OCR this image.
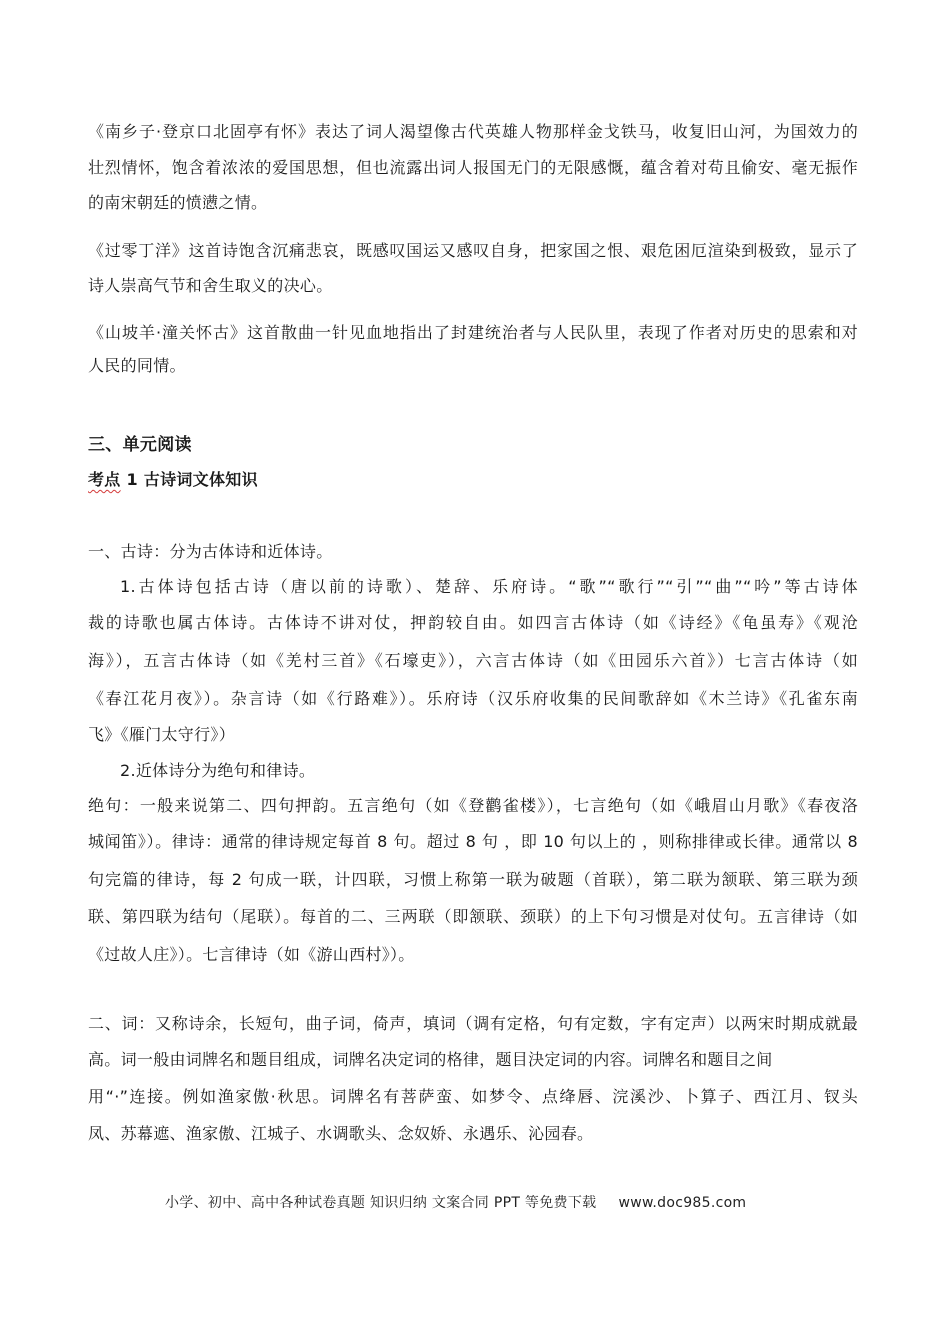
《南乡子·登京口北固亭有怀》表达了词人渴望像古代英雄人物那样金戈铁马，收复旧山河，为国效力的
壮烈情怀，饱含着浓浓的爱国思想，但也流露出词人报国无门的无限感慨，蕴含着对苟且偷安、毫无振作
的南宋朝廷的愤懑之情。
《过零丁洋》这首诗饱含沉痛悲哀，既感叹国运又感叹自身，把家国之恨、艰危困厄渲染到极致，显示了
诗人崇高气节和舍生取义的决心。
《山坡羊·潼关怀古》这首散曲一针见血地指出了封建统治者与人民队里，表现了作者对历史的思索和对
人民的同情。
三、单元阅读
考点 1 古诗词文体知识
一、古诗：分为古体诗和近体诗。
1.古体诗包括古诗（唐以前的诗歌）、楚辞、乐府诗。“歌”“歌行”“引”“曲”“吟”等古诗体
裁的诗歌也属古体诗。古体诗不讲对仗，押韵较自由。如四言古体诗（如《诗经》《龟虽寿》《观沧
海》），五言古体诗（如《羌村三首》《石壕吏》），六言古体诗（如《田园乐六首》）七言古体诗（如
《春江花月夜》）。杂言诗（如《行路难》）。乐府诗（汉乐府收集的民间歌辞如《木兰诗》《孔雀东南
飞》《雁门太守行》）
2.近体诗分为绝句和律诗。
绝句：一般来说第二、四句押韵。五言绝句（如《登鹳雀楼》），七言绝句（如《峨眉山月歌》《春夜洛
城闻笛》）。律诗：通常的律诗规定每首 8 句。超过 8 句 ，即 10 句以上的 ，则称排律或长律。通常以 8
句完篇的律诗，每 2 句成一联，计四联，习惯上称第一联为破题（首联），第二联为颔联、第三联为颈
联、第四联为结句（尾联）。每首的二、三两联（即颔联、颈联）的上下句习惯是对仗句。五言律诗（如
《过故人庄》）。七言律诗（如《游山西村》）。
二、词：又称诗余，长短句，曲子词，倚声，填词（调有定格，句有定数，字有定声）以两宋时期成就最
高。词一般由词牌名和题目组成，词牌名决定词的格律，题目決定词的内容。词牌名和题目之间
用“·”连接。例如渔家傲·秋思。词牌名有菩萨蛮、如梦令、点绛唇、浣溪沙、卜算子、西江月、钗头
凤、苏幕遮、渔家傲、江城子、水调歌头、念奴娇、永遇乐、沁园春。
小学、初中、高中各种试卷真题 知识归纳 文案合同 PPT 等免费下载 www.doc985.com
